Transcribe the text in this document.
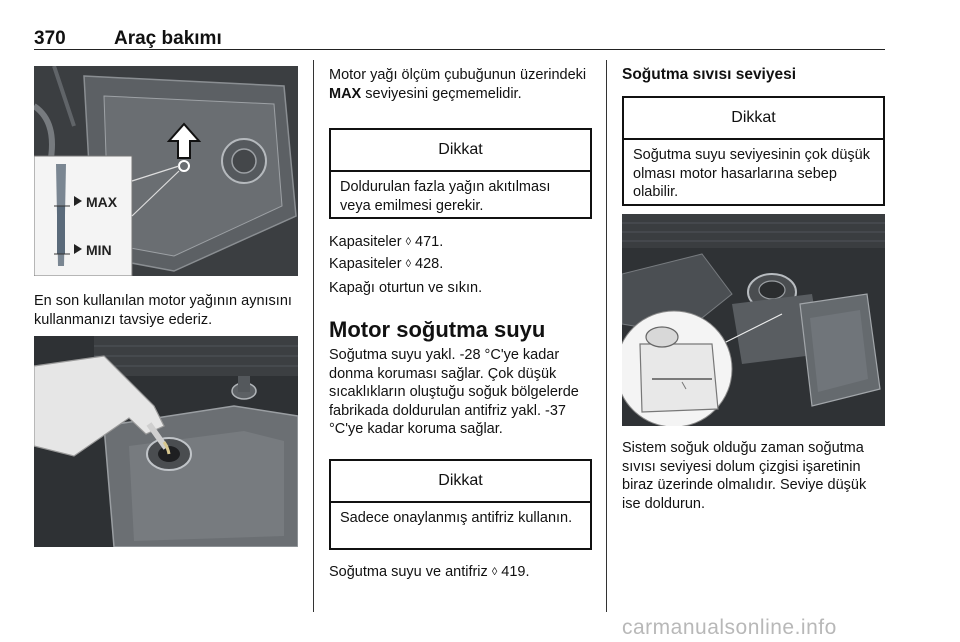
370	Araç bakımı
MAX
MIN

En son kullanılan motor yağının aynısını kullanmanızı tavsiye ederiz.

Motor yağı ölçüm çubuğunun üzerindeki MAX seviyesini geçmemelidir.

Dikkat
Doldurulan fazla yağın akıtılması veya emilmesi gerekir.

Kapasiteler ◊ 471.

Kapasiteler ◊ 428.

Kapağı oturtun ve sıkın.

Motor soğutma suyu

Soğutma suyu yakl. -28 °C'ye kadar donma koruması sağlar. Çok düşük sıcaklıkların oluştuğu soğuk bölgelerde fabrikada doldurulan antifriz yakl. -37 °C'ye kadar koruma sağlar.

Dikkat
Sadece onaylanmış antifriz kullanın.

Soğutma suyu ve antifriz ◊ 419.

Soğutma sıvısı seviyesi
Dikkat
Soğutma suyu seviyesinin çok düşük olması motor hasarlarına sebep olabilir.

Sistem soğuk olduğu zaman soğutma sıvısı seviyesi dolum çizgisi işaretinin biraz üzerinde olmalıdır. Seviye düşük ise doldurun.

carmanualsonline.info
